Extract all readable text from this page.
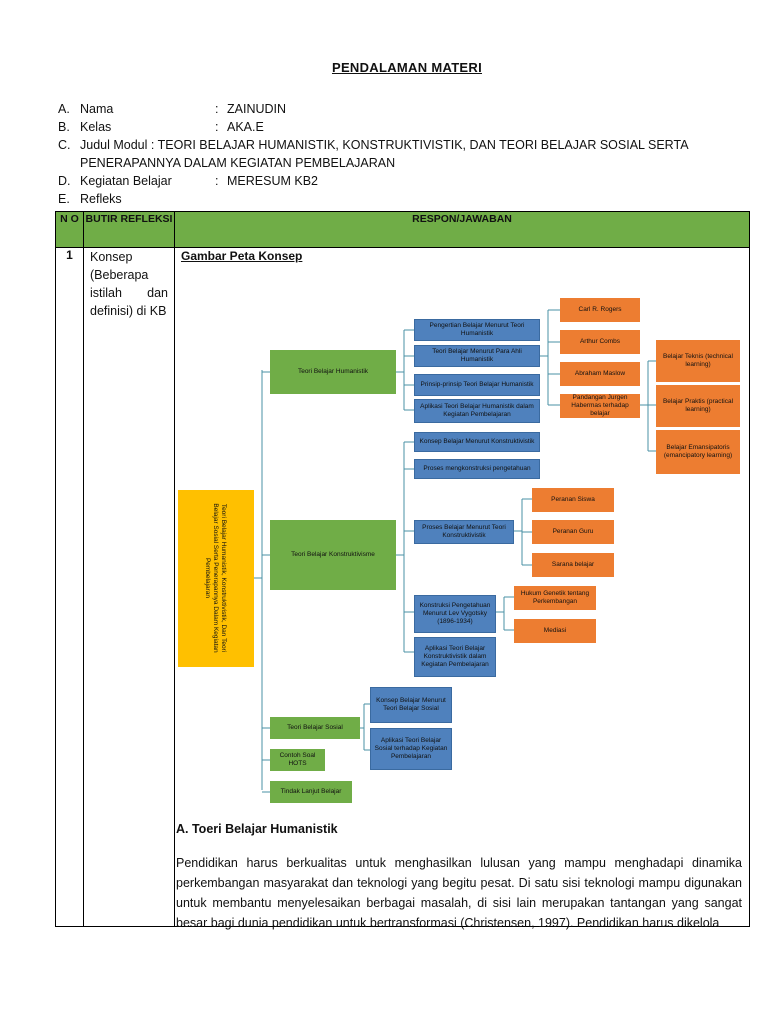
PENDALAMAN MATERI
A. Nama	: ZAINUDIN
B. Kelas	: AKA.E
C. Judul Modul : TEORI BELAJAR HUMANISTIK, KONSTRUKTIVISTIK, DAN TEORI BELAJAR SOSIAL SERTA PENERAPANNYA DALAM KEGIATAN PEMBELAJARAN
D. Kegiatan Belajar	: MERESUM KB2
E. Refleks
N O	BUTIR REFLEKSI	RESPON/JAWABAN
1	Konsep (Beberapa istilah dan definisi) di KB	

Gambar Peta Konsep
Teori Belajar Humanistik, Konstruktivistik, Dan Teori Belajar Sosial Serta Penerapannya Dalam Kegiatan Pembelajaran
Teori Belajar Humanistik
Teori Belajar Konstruktivisme
Teori Belajar Sosial
Contoh Soal HOTS
Tindak Lanjut Belajar
Pengertian Belajar Menurut Teori Humanistik
Teori Belajar Menurut Para Ahli Humanistik
Prinsip-prinsip Teori Belajar Humanistik
Aplikasi Teori Belajar Humanistik dalam Kegiatan Pembelajaran
Carl R. Rogers
Arthur Combs
Abraham Maslow
Pandangan Jurgen Habermas terhadap belajar
Belajar Teknis (technical learning)
Belajar Praktis (practical learning)
Belajar Emansipatoris (emancipatory learning)
Konsep Belajar Menurut Konstruktivistik
Proses mengkonstruksi pengetahuan
Proses Belajar Menurut Teori Konstruktivistik
Konstruksi Pengetahuan Menurut Lev Vygotsky (1896-1934)
Aplikasi Teori Belajar Konstruktivistik dalam Kegiatan Pembelajaran
Peranan Siswa
Peranan Guru
Sarana belajar
Hukum Genetik tentang Perkembangan
Mediasi
Konsep Belajar Menurut Teori Belajar Sosial
Aplikasi Teori Belajar Sosial terhadap Kegiatan Pembelajaran
A. Toeri Belajar Humanistik
Pendidikan harus berkualitas untuk menghasilkan lulusan yang mampu menghadapi dinamika perkembangan masyarakat dan teknologi yang begitu pesat. Di satu sisi teknologi mampu digunakan untuk membantu menyelesaikan berbagai masalah, di sisi lain merupakan tantangan yang sangat besar bagi dunia pendidikan untuk bertransformasi (Christensen, 1997). Pendidikan harus dikelola
